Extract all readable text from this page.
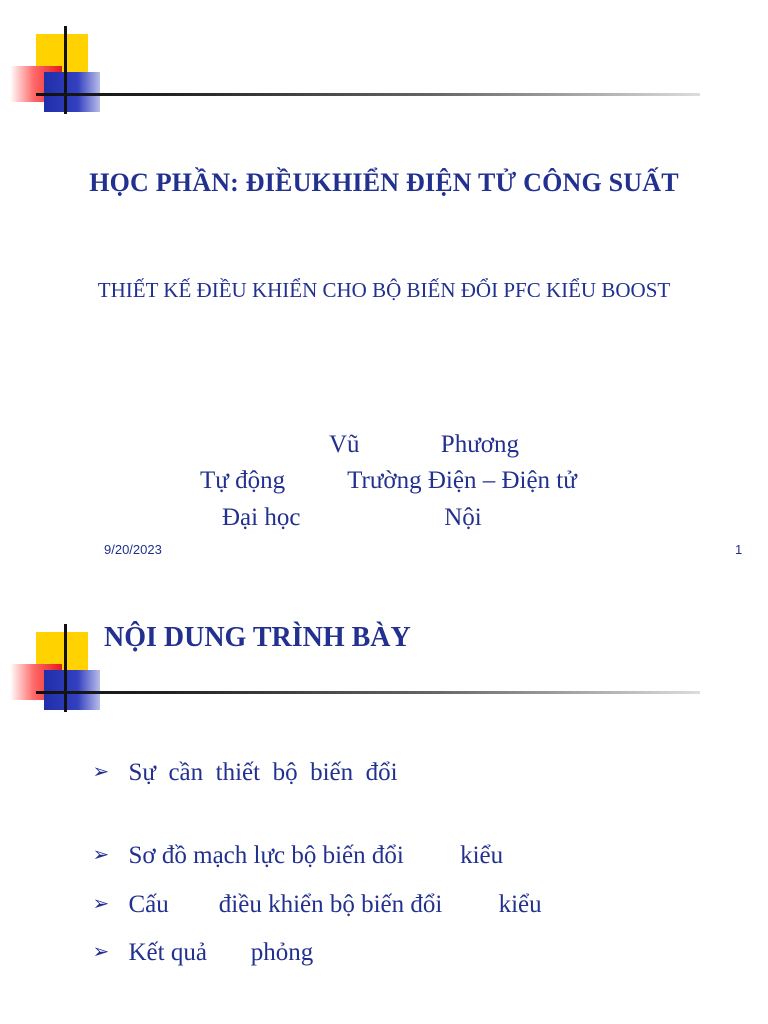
HỌC PHẦN: ĐIỀUKHIỂN ĐIỆN TỬ CÔNG SUẤT
THIẾT KẾ ĐIỀU KHIỂN CHO BỘ BIẾN ĐỔI PFC KIỂU BOOST
Vũ             Phương
Tự động          Trường Điện – Điện tử
Đại học                       Nội
9/20/2023	1
NỘI DUNG TRÌNH BÀY

➢ Sự  cần  thiết  bộ  biến  đổi

➢ Sơ đồ mạch lực bộ biến đổi         kiểu

➢ Cấu        điều khiển bộ biến đổi         kiểu

➢ Kết quả       phỏng
